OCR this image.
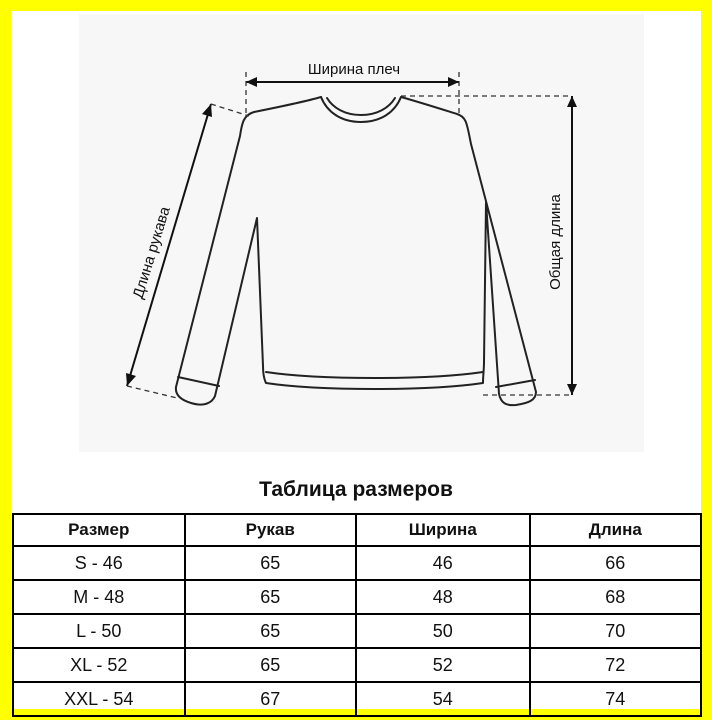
Ширина плеч
Длина рукава	Общая длина
Таблица размеров
Размер	Рукав	Ширина	Длина
S - 46	65	46	66
M - 48	65	48	68
L - 50	65	50	70
XL - 52	65	52	72
XXL - 54	67	54	74
